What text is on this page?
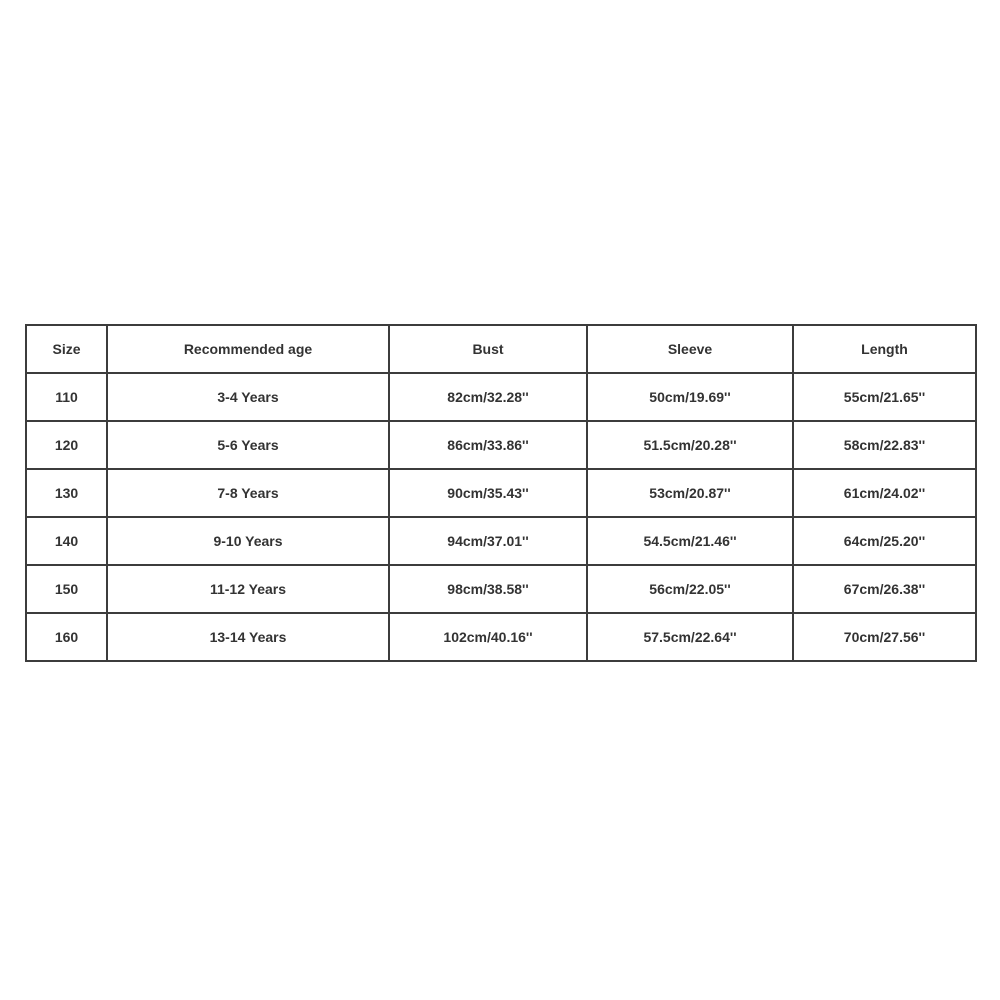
Size	Recommended age	Bust	Sleeve	Length
110	3-4 Years	82cm/32.28''	50cm/19.69''	55cm/21.65''
120	5-6 Years	86cm/33.86''	51.5cm/20.28''	58cm/22.83''
130	7-8 Years	90cm/35.43''	53cm/20.87''	61cm/24.02''
140	9-10 Years	94cm/37.01''	54.5cm/21.46''	64cm/25.20''
150	11-12 Years	98cm/38.58''	56cm/22.05''	67cm/26.38''
160	13-14 Years	102cm/40.16''	57.5cm/22.64''	70cm/27.56''
